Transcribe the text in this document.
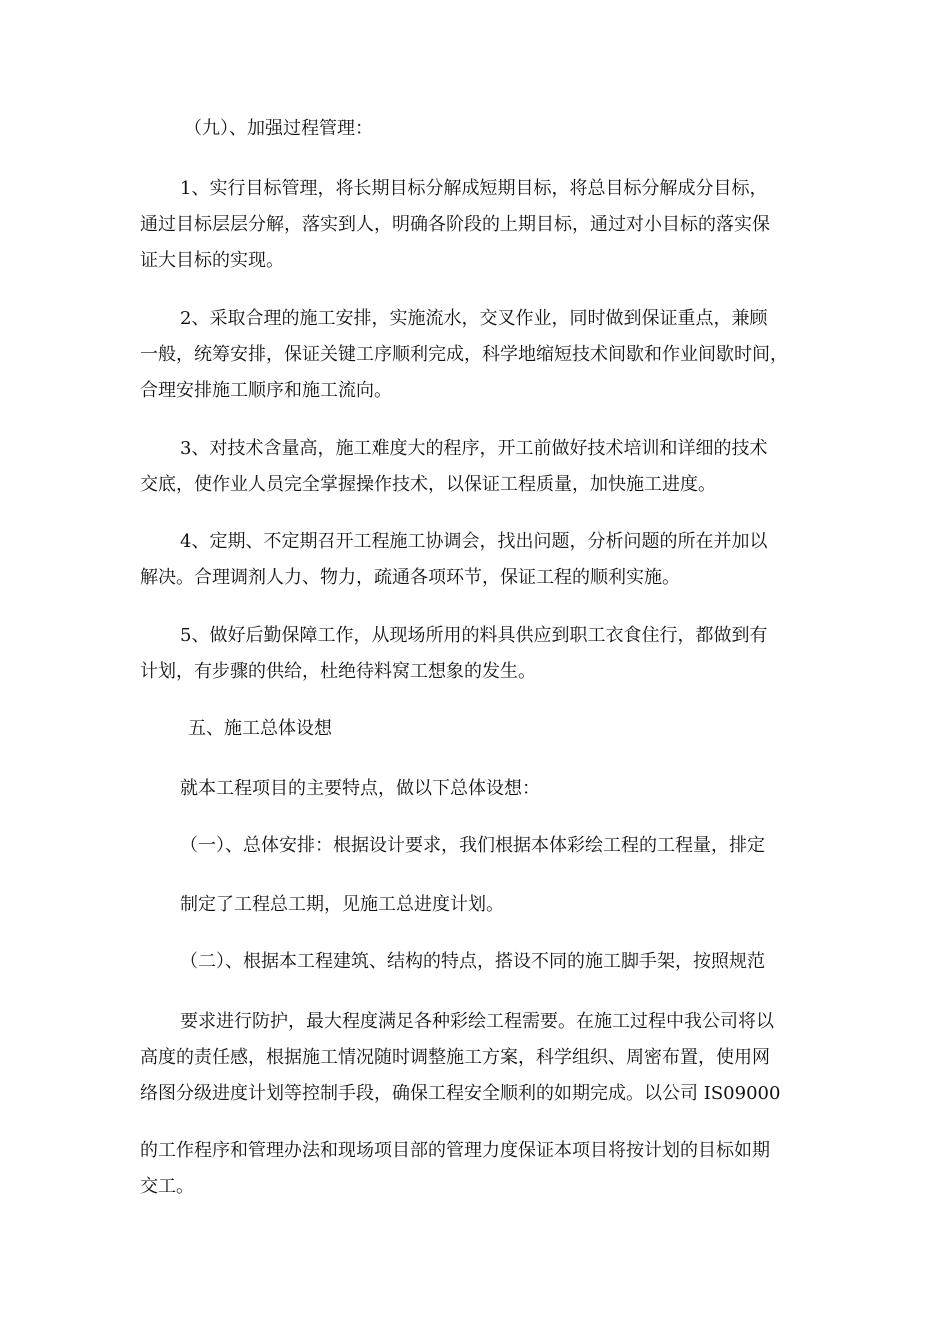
（九）、加强过程管理：
1、实行目标管理，将长期目标分解成短期目标，将总目标分解成分目标，
通过目标层层分解，落实到人，明确各阶段的上期目标，通过对小目标的落实保
证大目标的实现。
2、采取合理的施工安排，实施流水，交叉作业，同时做到保证重点，兼顾
一般，统筹安排，保证关键工序顺利完成，科学地缩短技术间歇和作业间歇时间，
合理安排施工顺序和施工流向。
3、对技术含量高，施工难度大的程序，开工前做好技术培训和详细的技术
交底，使作业人员完全掌握操作技术，以保证工程质量，加快施工进度。
4、定期、不定期召开工程施工协调会，找出问题，分析问题的所在并加以
解决。合理调剂人力、物力，疏通各项环节，保证工程的顺利实施。
5、做好后勤保障工作，从现场所用的料具供应到职工衣食住行，都做到有
计划，有步骤的供给，杜绝待料窝工想象的发生。
五、施工总体设想
就本工程项目的主要特点，做以下总体设想：
（一）、总体安排：根据设计要求，我们根据本体彩绘工程的工程量，排定
制定了工程总工期，见施工总进度计划。
（二）、根据本工程建筑、结构的特点，搭设不同的施工脚手架，按照规范
要求进行防护，最大程度满足各种彩绘工程需要。在施工过程中我公司将以
高度的责任感，根据施工情况随时调整施工方案，科学组织、周密布置，使用网
络图分级进度计划等控制手段，确保工程安全顺利的如期完成。以公司 IS09000
的工作程序和管理办法和现场项目部的管理力度保证本项目将按计划的目标如期
交工。
